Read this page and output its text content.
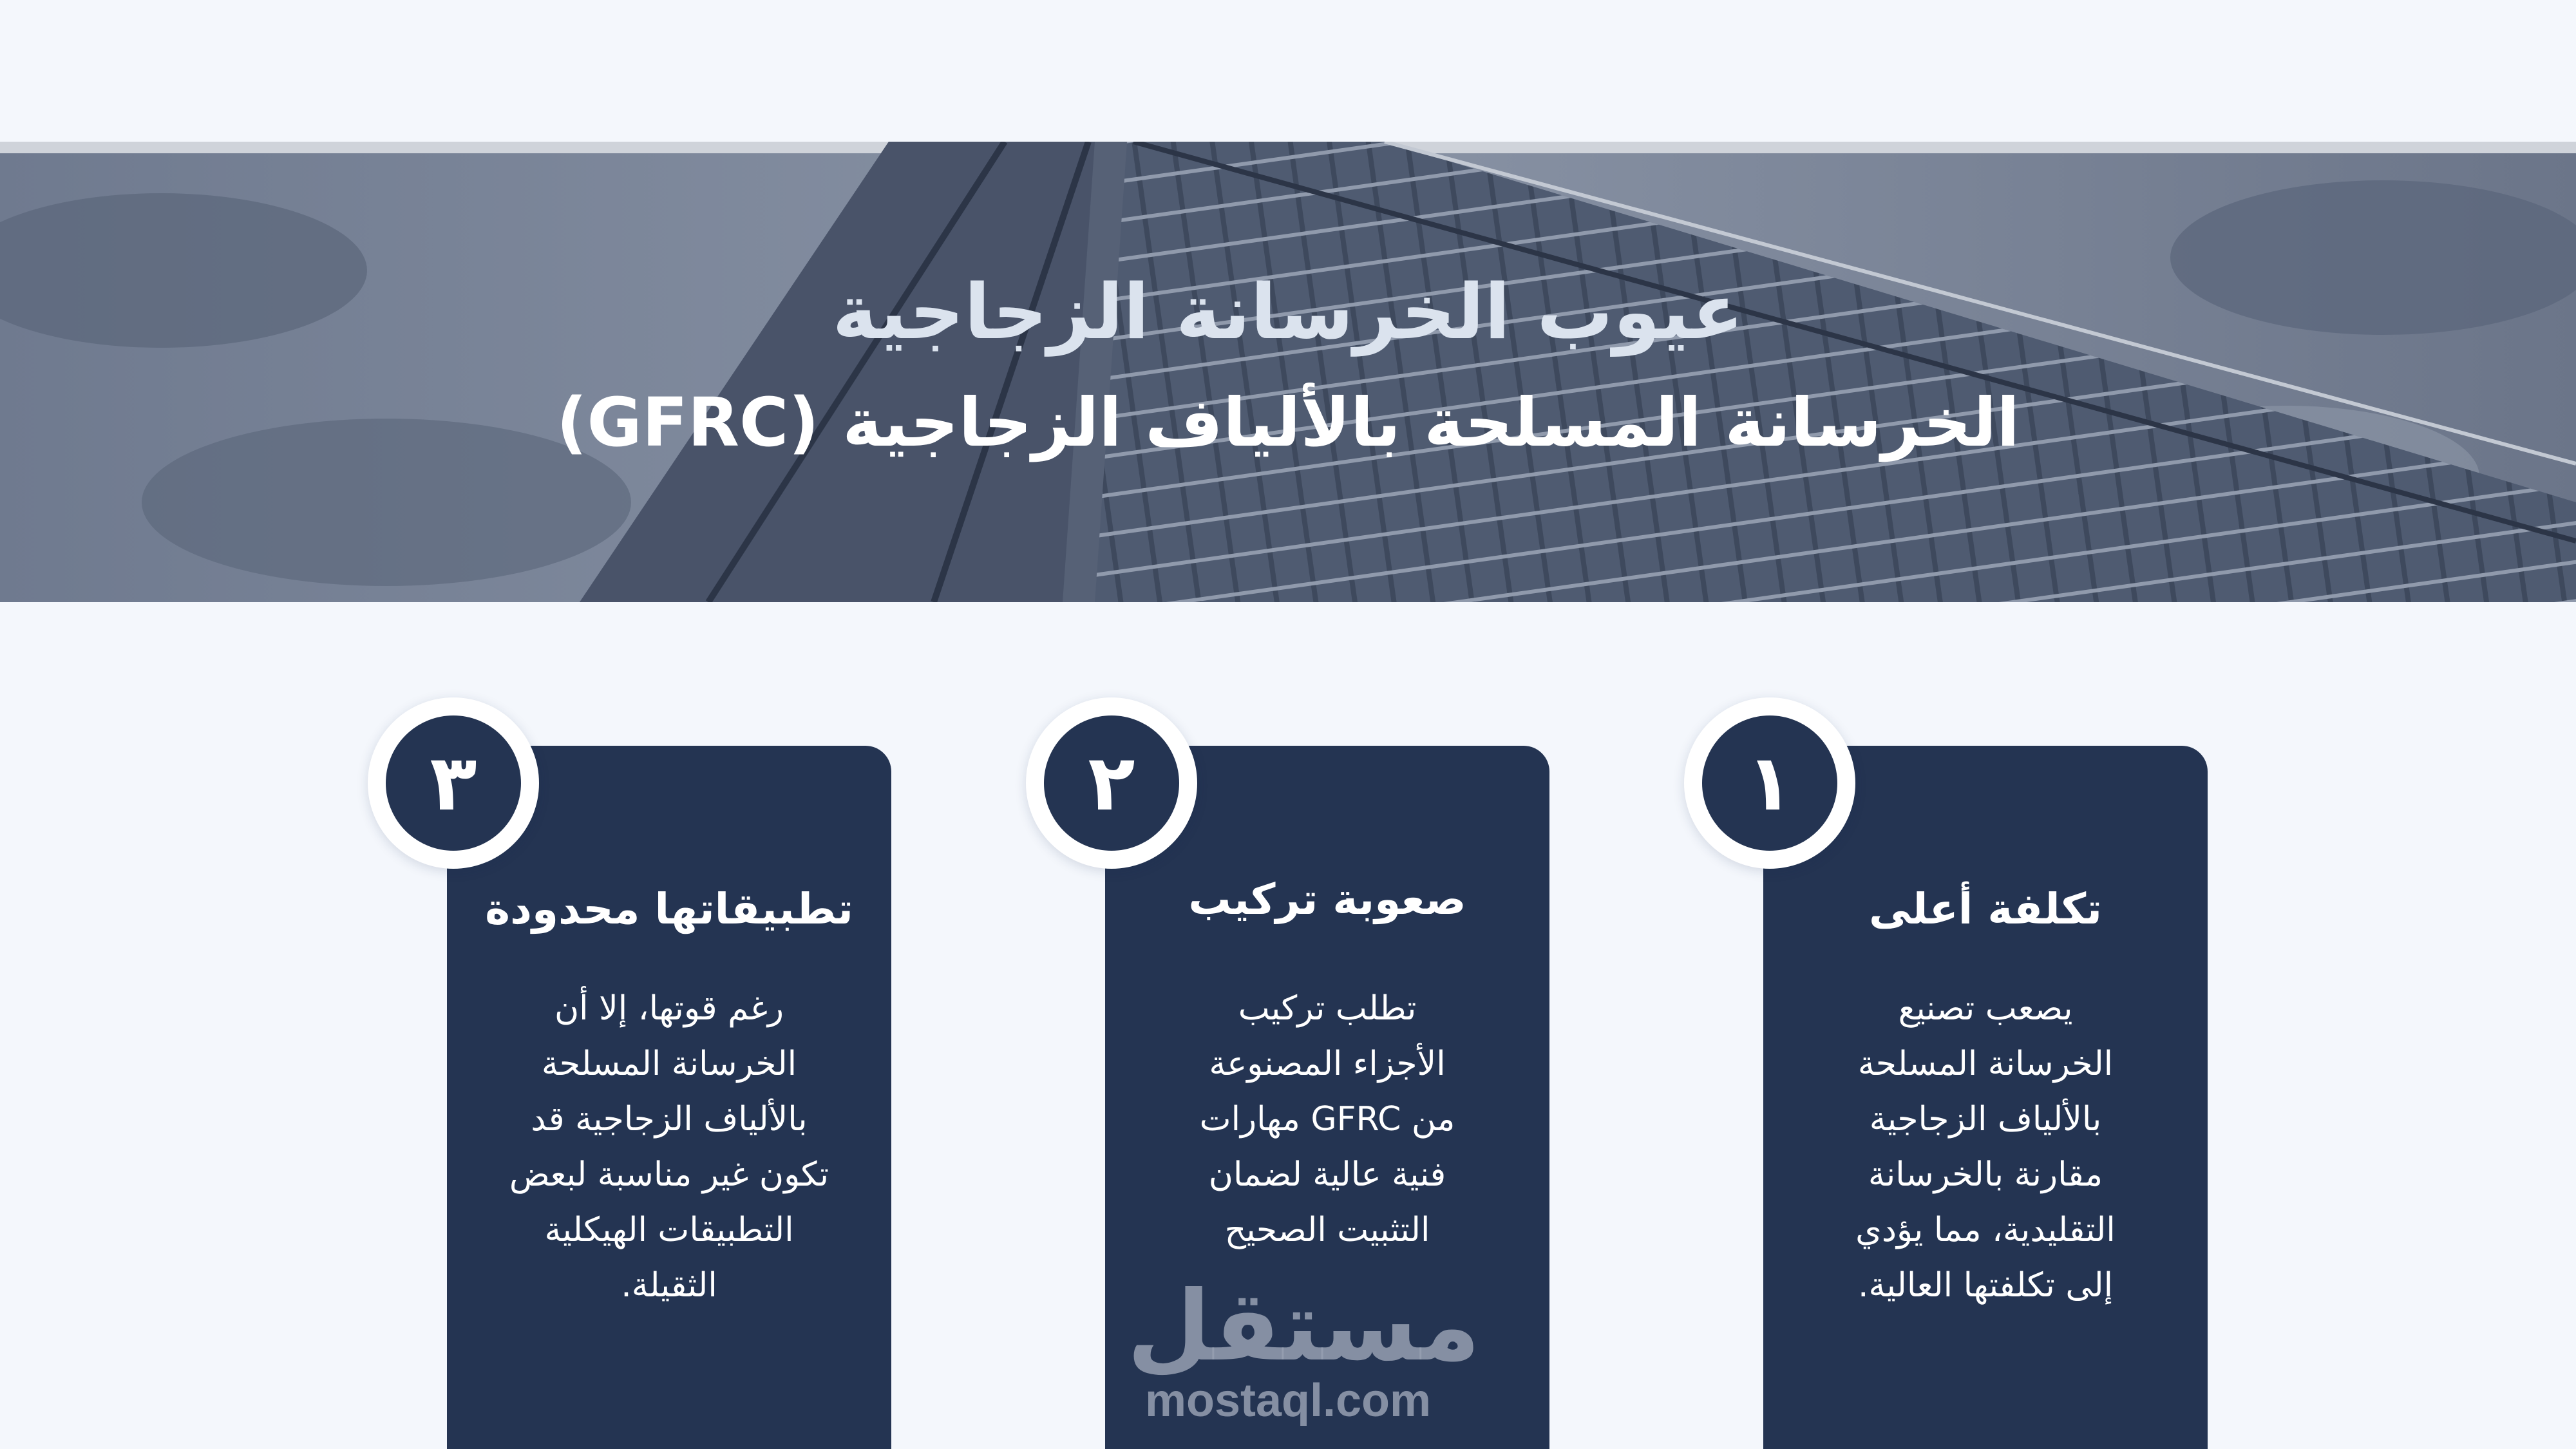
عيوب الخرسانة الزجاجية
الخرسانة المسلحة بالألياف الزجاجية (GFRC)
تكلفة أعلى
يصعب تصنيع
الخرسانة المسلحة
بالألياف الزجاجية
مقارنة بالخرسانة
التقليدية، مما يؤدي
إلى تكلفتها العالية.
١
صعوبة تركيب
تطلب تركيب
الأجزاء المصنوعة
من GFRC مهارات
فنية عالية لضمان
التثبيت الصحيح
٢
تطبيقاتها محدودة
رغم قوتها، إلا أن
الخرسانة المسلحة
بالألياف الزجاجية قد
تكون غير مناسبة لبعض
التطبيقات الهيكلية
الثقيلة.
٣
مستقل
mostaql.com
